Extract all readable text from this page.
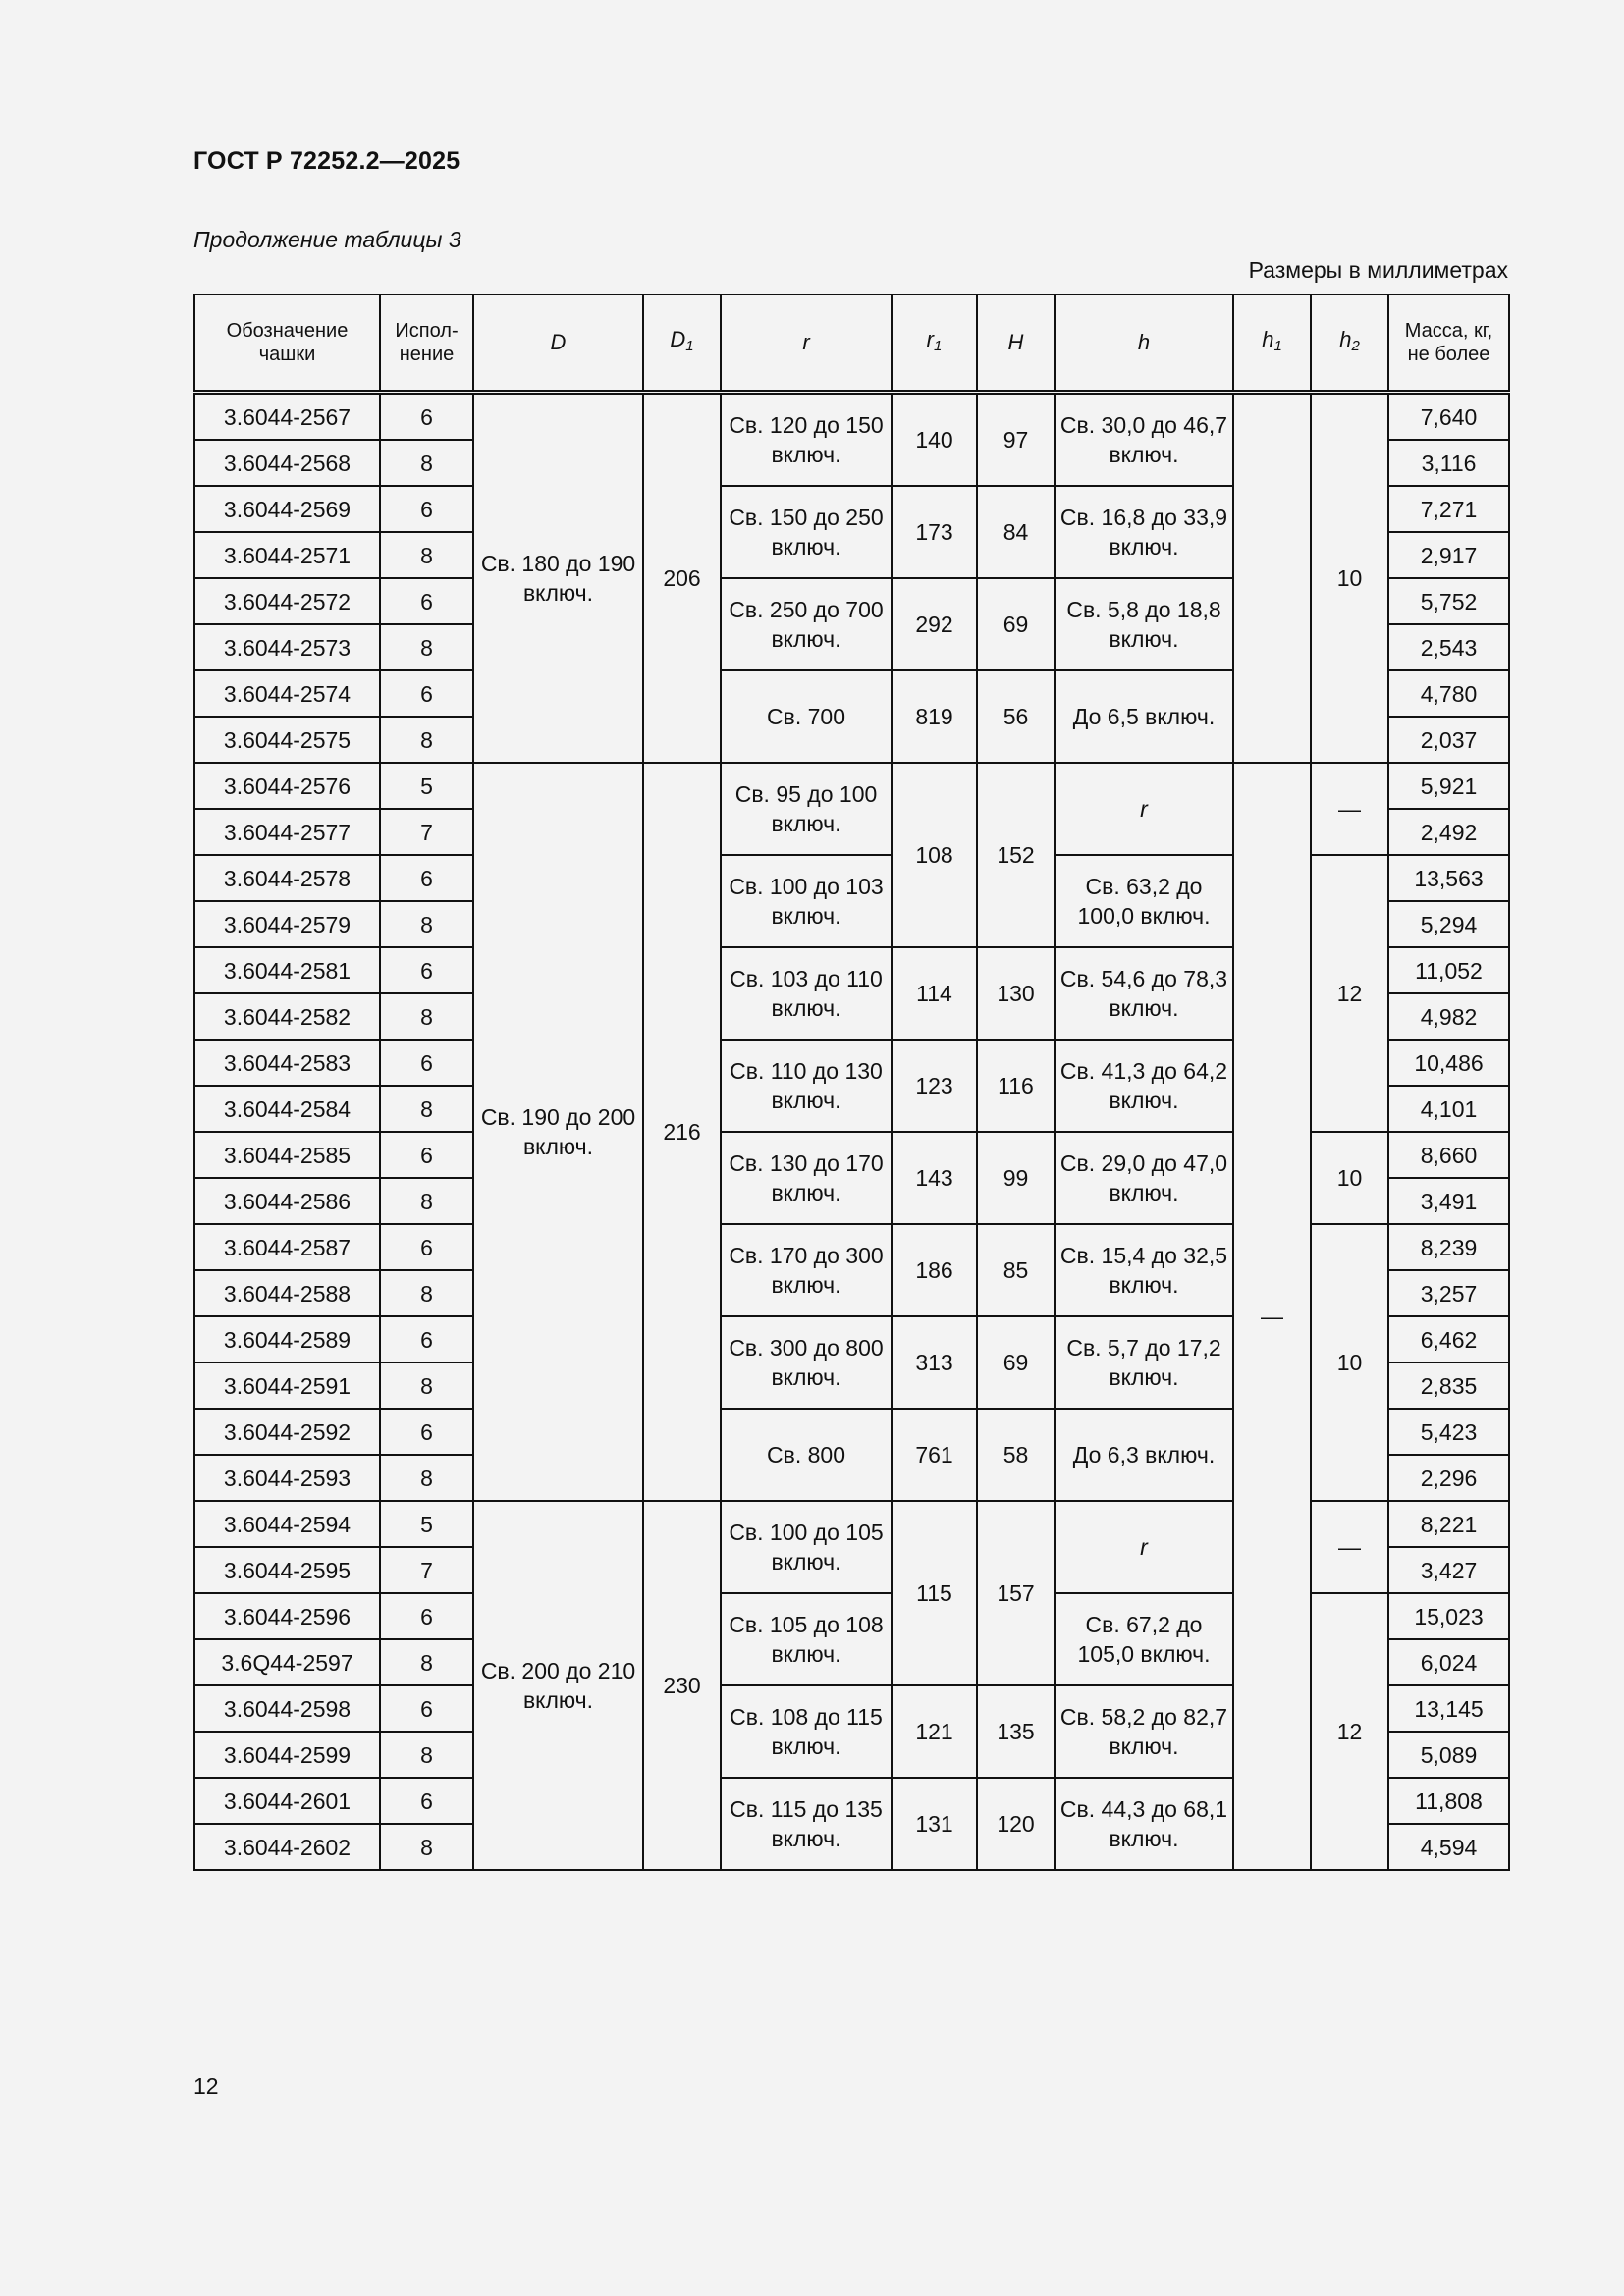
ГОСТ Р 72252.2—2025
Продолжение таблицы 3
Размеры в миллиметрах
Обозначение чашки	Испол-нение	D	$D_1$	r	$r_1$	H	h	$h_1$	$h_2$	Масса, кг, не более
3.6044-2567	6	Св. 180 до 190 включ.	206	Св. 120 до 150 включ.	140	97	Св. 30,0 до 46,7 включ.		10	7,640
3.6044-2568	8									3,116
3.6044-2569	6			Св. 150 до 250 включ.	173	84	Св. 16,8 до 33,9 включ.			7,271
3.6044-2571	8									2,917
3.6044-2572	6			Св. 250 до 700 включ.	292	69	Св. 5,8 до 18,8 включ.			5,752
3.6044-2573	8									2,543
3.6044-2574	6			Св. 700	819	56	До 6,5 включ.			4,780
3.6044-2575	8									2,037
3.6044-2576	5	Св. 190 до 200 включ.	216	Св. 95 до 100 включ.	108	152	r	—	—	5,921
3.6044-2577	7									2,492
3.6044-2578	6			Св. 100 до 103 включ.			Св. 63,2 до 100,0 включ.		12	13,563
3.6044-2579	8									5,294
3.6044-2581	6			Св. 103 до 110 включ.	114	130	Св. 54,6 до 78,3 включ.			11,052
3.6044-2582	8									4,982
3.6044-2583	6			Св. 110 до 130 включ.	123	116	Св. 41,3 до 64,2 включ.			10,486
3.6044-2584	8									4,101
3.6044-2585	6			Св. 130 до 170 включ.	143	99	Св. 29,0 до 47,0 включ.		10	8,660
3.6044-2586	8									3,491
3.6044-2587	6			Св. 170 до 300 включ.	186	85	Св. 15,4 до 32,5 включ.		10	8,239
3.6044-2588	8									3,257
3.6044-2589	6			Св. 300 до 800 включ.	313	69	Св. 5,7 до 17,2 включ.			6,462
3.6044-2591	8									2,835
3.6044-2592	6			Св. 800	761	58	До 6,3 включ.			5,423
3.6044-2593	8									2,296
3.6044-2594	5	Св. 200 до 210 включ.	230	Св. 100 до 105 включ.	115	157	r		—	8,221
3.6044-2595	7									3,427
3.6044-2596	6			Св. 105 до 108 включ.			Св. 67,2 до 105,0 включ.		12	15,023
3.6Q44-2597	8									6,024
3.6044-2598	6			Св. 108 до 115 включ.	121	135	Св. 58,2 до 82,7 включ.			13,145
3.6044-2599	8									5,089
3.6044-2601	6			Св. 115 до 135 включ.	131	120	Св. 44,3 до 68,1 включ.			11,808
3.6044-2602	8									4,594
12
